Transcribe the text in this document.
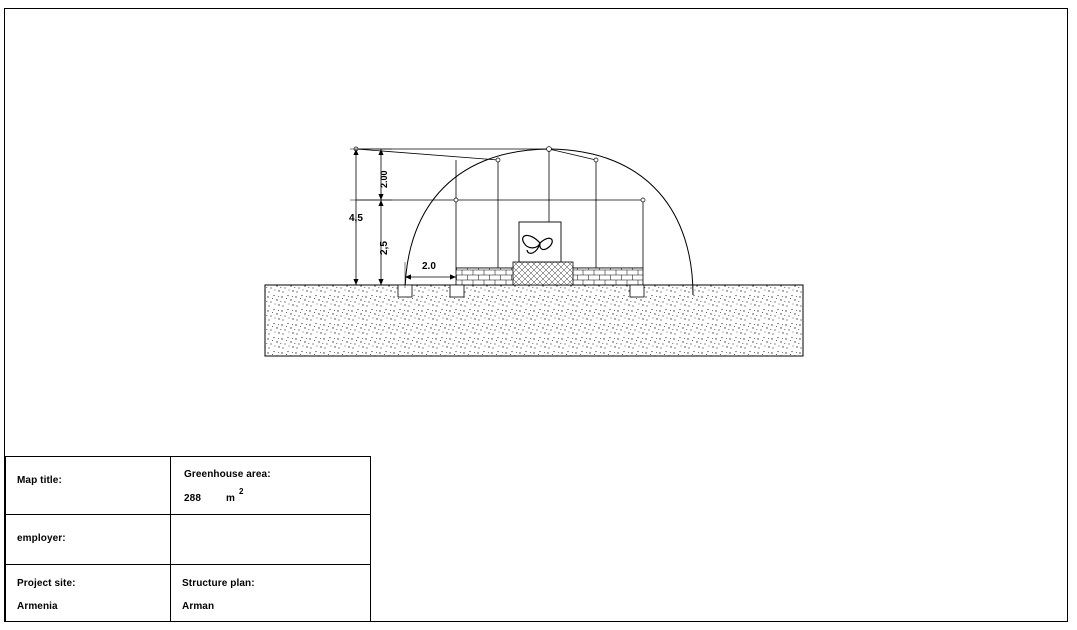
2.00
2,5
4,5
2.0
Map title:
Greenhouse area:
288	m
2
employer:
Project site:
Armenia
Structure plan:
Arman
